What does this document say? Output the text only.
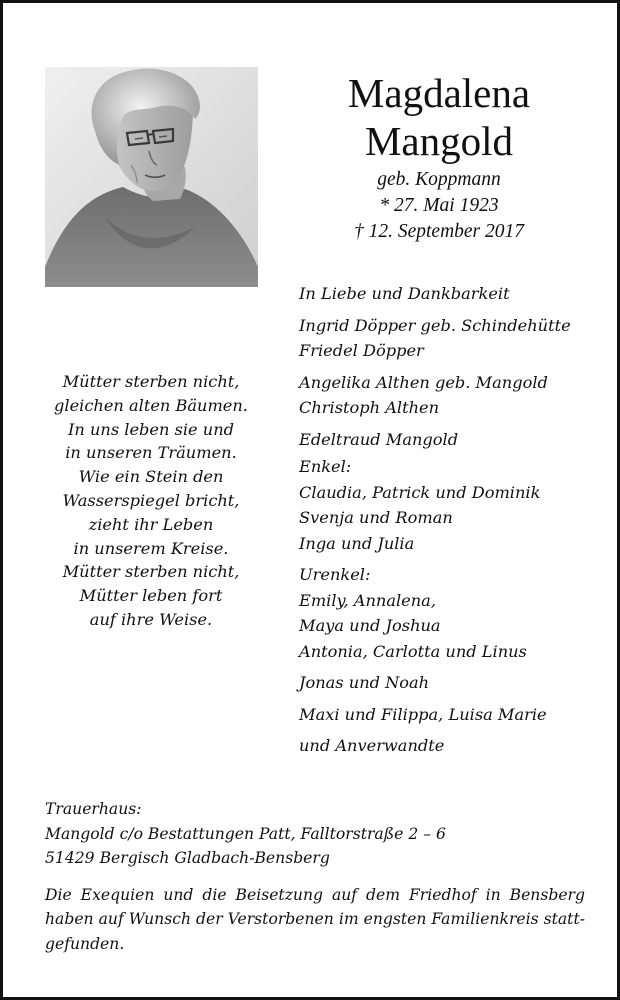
Magdalena
Mangold
geb. Koppmann
* 27. Mai 1923
† 12. September 2017
Mütter sterben nicht,
gleichen alten Bäumen.
In uns leben sie und
in unseren Träumen.
Wie ein Stein den
Wasserspiegel bricht,
zieht ihr Leben
in unserem Kreise.
Mütter sterben nicht,
Mütter leben fort
auf ihre Weise.
In Liebe und Dankbarkeit
Ingrid Döpper geb. Schindehütte
Friedel Döpper
Angelika Althen geb. Mangold
Christoph Althen
Edeltraud Mangold
Enkel:
Claudia, Patrick und Dominik
Svenja und Roman
Inga und Julia
Urenkel:
Emily, Annalena,
Maya und Joshua
Antonia, Carlotta und Linus
Jonas und Noah
Maxi und Filippa, Luisa Marie
und Anverwandte
Trauerhaus:
Mangold c/o Bestattungen Patt, Falltorstraße 2 – 6
51429 Bergisch Gladbach-Bensberg
Die Exequien und die Beisetzung auf dem Friedhof in Bensberg haben auf Wunsch der Verstorbenen im engsten Familienkreis statt-gefunden.
